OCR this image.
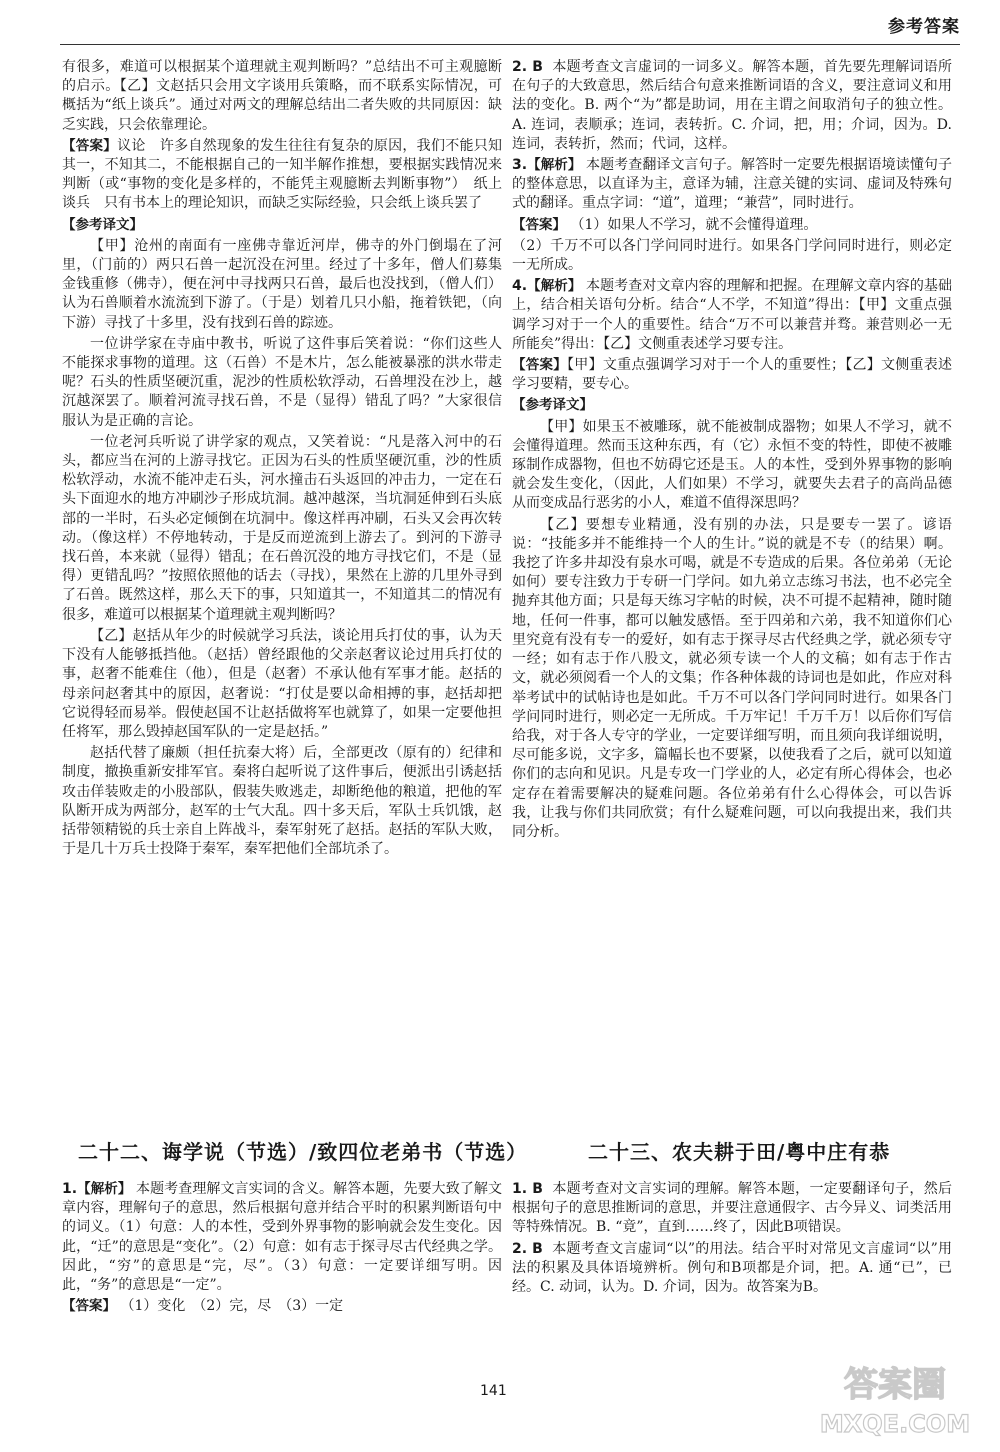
参考答案

有很多，难道可以根据某个道理就主观判断吗？”总结出不可主观臆断的启示。【乙】文赵括只会用文字谈用兵策略，而不联系实际情况，可概括为“纸上谈兵”。通过对两文的理解总结出二者失败的共同原因：缺乏实践，只会依靠理论。

【答案】议论　许多自然现象的发生往往有复杂的原因，我们不能只知其一，不知其二，不能根据自己的一知半解作推想，要根据实践情况来判断（或“事物的变化是多样的，不能凭主观臆断去判断事物”）　纸上谈兵　只有书本上的理论知识，而缺乏实际经验，只会纸上谈兵罢了

【参考译文】

【甲】沧州的南面有一座佛寺靠近河岸，佛寺的外门倒塌在了河里，（门前的）两只石兽一起沉没在河里。经过了十多年，僧人们募集金钱重修（佛寺），便在河中寻找两只石兽，最后也没找到，（僧人们）认为石兽顺着水流流到下游了。（于是）划着几只小船，拖着铁钯，（向下游）寻找了十多里，没有找到石兽的踪迹。

一位讲学家在寺庙中教书，听说了这件事后笑着说：“你们这些人不能探求事物的道理。这（石兽）不是木片，怎么能被暴涨的洪水带走呢？石头的性质坚硬沉重，泥沙的性质松软浮动，石兽埋没在沙上，越沉越深罢了。顺着河流寻找石兽，不是（显得）错乱了吗？”大家很信服认为是正确的言论。

一位老河兵听说了讲学家的观点，又笑着说：“凡是落入河中的石头，都应当在河的上游寻找它。正因为石头的性质坚硬沉重，沙的性质松软浮动，水流不能冲走石头，河水撞击石头返回的冲击力，一定在石头下面迎水的地方冲刷沙子形成坑洞。越冲越深，当坑洞延伸到石头底部的一半时，石头必定倾倒在坑洞中。像这样再冲刷，石头又会再次转动。（像这样）不停地转动，于是反而逆流到上游去了。到河的下游寻找石兽，本来就（显得）错乱；在石兽沉没的地方寻找它们，不是（显得）更错乱吗？”按照依照他的话去（寻找），果然在上游的几里外寻到了石兽。既然这样，那么天下的事，只知道其一，不知道其二的情况有很多，难道可以根据某个道理就主观判断吗？

【乙】赵括从年少的时候就学习兵法，谈论用兵打仗的事，认为天下没有人能够抵挡他。（赵括）曾经跟他的父亲赵奢议论过用兵打仗的事，赵奢不能难住（他），但是（赵奢）不承认他有军事才能。赵括的母亲问赵奢其中的原因，赵奢说：“打仗是要以命相搏的事，赵括却把它说得轻而易举。假使赵国不让赵括做将军也就算了，如果一定要他担任将军，那么毁掉赵国军队的一定是赵括。”

赵括代替了廉颇（担任抗秦大将）后，全部更改（原有的）纪律和制度，撤换重新安排军官。秦将白起听说了这件事后，便派出引诱赵括攻击佯装败走的小股部队，假装失败逃走，却断绝他的粮道，把他的军队断开成为两部分，赵军的士气大乱。四十多天后，军队士兵饥饿，赵括带领精锐的兵士亲自上阵战斗，秦军射死了赵括。赵括的军队大败，于是几十万兵士投降于秦军，秦军把他们全部坑杀了。

2. B 本题考查文言虚词的一词多义。解答本题，首先要先理解词语所在句子的大致意思，然后结合句意来推断词语的含义，要注意词义和用法的变化。B. 两个“为”都是助词，用在主谓之间取消句子的独立性。A. 连词，表顺承；连词，表转折。C. 介词，把，用；介词，因为。D. 连词，表转折，然而；代词，这样。

3.【解析】 本题考查翻译文言句子。解答时一定要先根据语境读懂句子的整体意思，以直译为主，意译为辅，注意关键的实词、虚词及特殊句式的翻译。重点字词：“道”，道理；“兼营”，同时进行。

【答案】 （1）如果人不学习，就不会懂得道理。

（2）千万不可以各门学问同时进行。如果各门学问同时进行，则必定一无所成。

4.【解析】 本题考查对文章内容的理解和把握。在理解文章内容的基础上，结合相关语句分析。结合“人不学，不知道”得出：【甲】文重点强调学习对于一个人的重要性。结合“万不可以兼营并骛。兼营则必一无所能矣”得出：【乙】文侧重表述学习要专注。

【答案】【甲】文重点强调学习对于一个人的重要性；【乙】文侧重表述学习要精，要专心。

【参考译文】

【甲】如果玉不被雕琢，就不能被制成器物；如果人不学习，就不会懂得道理。然而玉这种东西，有（它）永恒不变的特性，即使不被雕琢制作成器物，但也不妨碍它还是玉。人的本性，受到外界事物的影响就会发生变化，（因此，人们如果）不学习，就要失去君子的高尚品德从而变成品行恶劣的小人，难道不值得深思吗？

【乙】要想专业精通，没有别的办法，只是要专一罢了。谚语说：“技能多并不能维持一个人的生计。”说的就是不专（的结果）啊。我挖了许多井却没有泉水可喝，就是不专造成的后果。各位弟弟（无论如何）要专注致力于专研一门学问。如九弟立志练习书法，也不必完全抛弃其他方面；只是每天练习字帖的时候，决不可提不起精神，随时随地，任何一件事，都可以触发感悟。至于四弟和六弟，我不知道你们心里究竟有没有专一的爱好，如有志于探寻尽古代经典之学，就必须专守一经；如有志于作八股文，就必须专读一个人的文稿；如有志于作古文，就必须阅看一个人的文集；作各种体裁的诗词也是如此，作应对科举考试中的试帖诗也是如此。千万不可以各门学问同时进行。如果各门学问同时进行，则必定一无所成。千万牢记！千万千万！以后你们写信给我，对于各人专守的学业，一定要详细写明，而且须向我详细说明，尽可能多说，文字多，篇幅长也不要紧，以使我看了之后，就可以知道你们的志向和见识。凡是专攻一门学业的人，必定有所心得体会，也必定存在着需要解决的疑难问题。各位弟弟有什么心得体会，可以告诉我，让我与你们共同欣赏；有什么疑难问题，可以向我提出来，我们共同分析。

二十二、诲学说（节选）/致四位老弟书（节选）	二十三、农夫耕于田/粤中庄有恭

1.【解析】 本题考查理解文言实词的含义。解答本题，先要大致了解文章内容，理解句子的意思，然后根据句意并结合平时的积累判断语句中的词义。（1）句意：人的本性，受到外界事物的影响就会发生变化。因此，“迁”的意思是“变化”。（2）句意：如有志于探寻尽古代经典之学。因此，“穷”的意思是“完，尽”。（3）句意：一定要详细写明。因此，“务”的意思是“一定”。

【答案】 （1）变化　（2）完，尽　（3）一定

1. B 本题考查对文言实词的理解。解答本题，一定要翻译句子，然后根据句子的意思推断词的意思，并要注意通假字、古今异义、词类活用等特殊情况。B. “竟”，直到……终了，因此B项错误。

2. B 本题考查文言虚词“以”的用法。结合平时对常见文言虚词“以”用法的积累及具体语境辨析。例句和B项都是介词，把。A. 通“已”，已经。C. 动词，认为。D. 介词，因为。故答案为B。

141	答案圈
MXQE.COM
